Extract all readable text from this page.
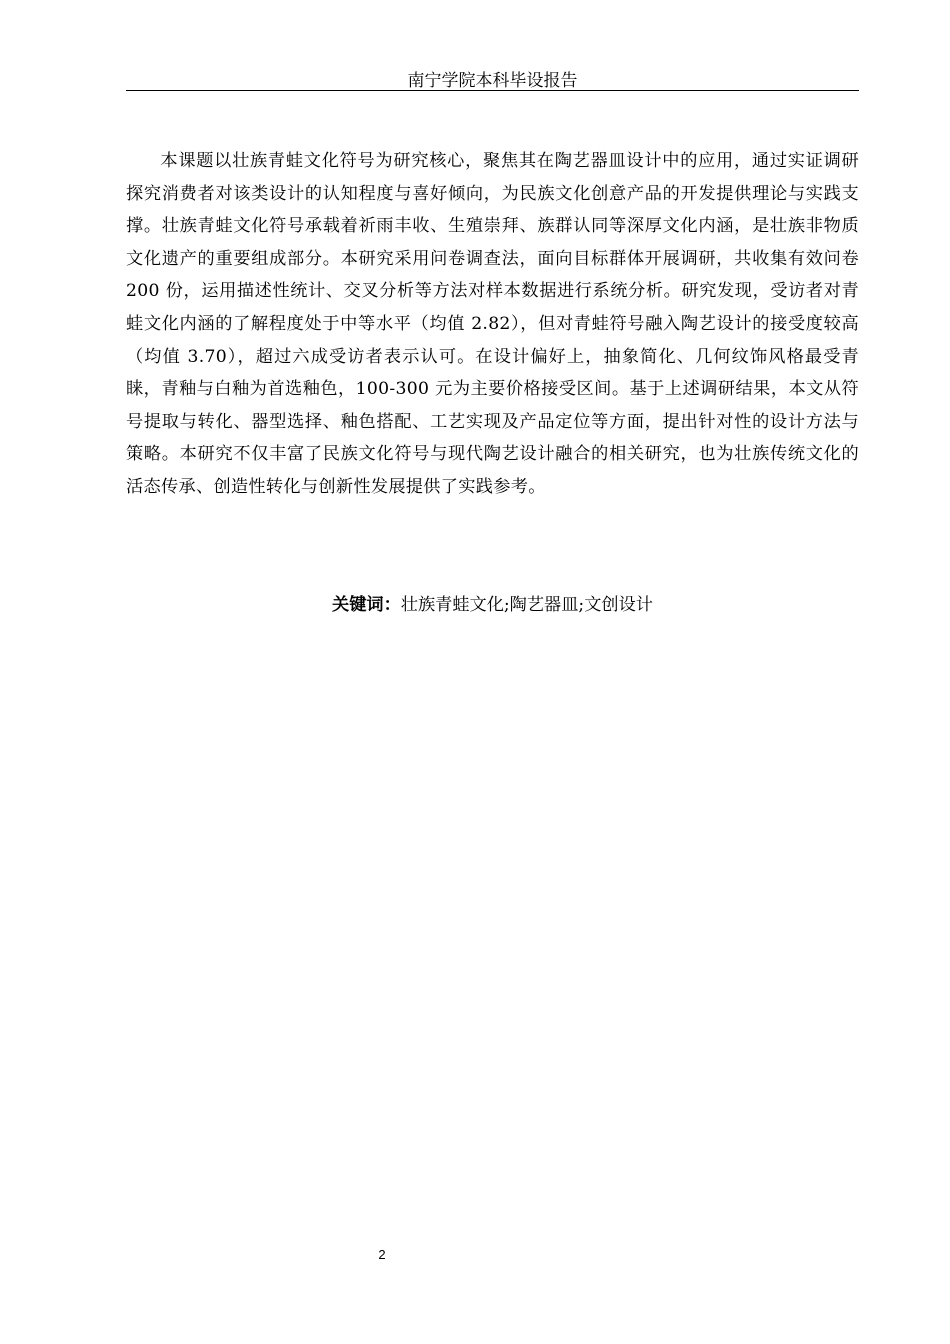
南宁学院本科毕设报告

本课题以壮族青蛙文化符号为研究核心，聚焦其在陶艺器皿设计中的应用，通过实证调研探究消费者对该类设计的认知程度与喜好倾向，为民族文化创意产品的开发提供理论与实践支撑。壮族青蛙文化符号承载着祈雨丰收、生殖崇拜、族群认同等深厚文化内涵，是壮族非物质文化遗产的重要组成部分。本研究采用问卷调查法，面向目标群体开展调研，共收集有效问卷 200 份，运用描述性统计、交叉分析等方法对样本数据进行系统分析。研究发现，受访者对青蛙文化内涵的了解程度处于中等水平（均值 2.82），但对青蛙符号融入陶艺设计的接受度较高（均值 3.70），超过六成受访者表示认可。在设计偏好上，抽象简化、几何纹饰风格最受青睐，青釉与白釉为首选釉色，100-300 元为主要价格接受区间。基于上述调研结果，本文从符号提取与转化、器型选择、釉色搭配、工艺实现及产品定位等方面，提出针对性的设计方法与策略。本研究不仅丰富了民族文化符号与现代陶艺设计融合的相关研究，也为壮族传统文化的活态传承、创造性转化与创新性发展提供了实践参考。

关键词：壮族青蛙文化;陶艺器皿;文创设计
2
